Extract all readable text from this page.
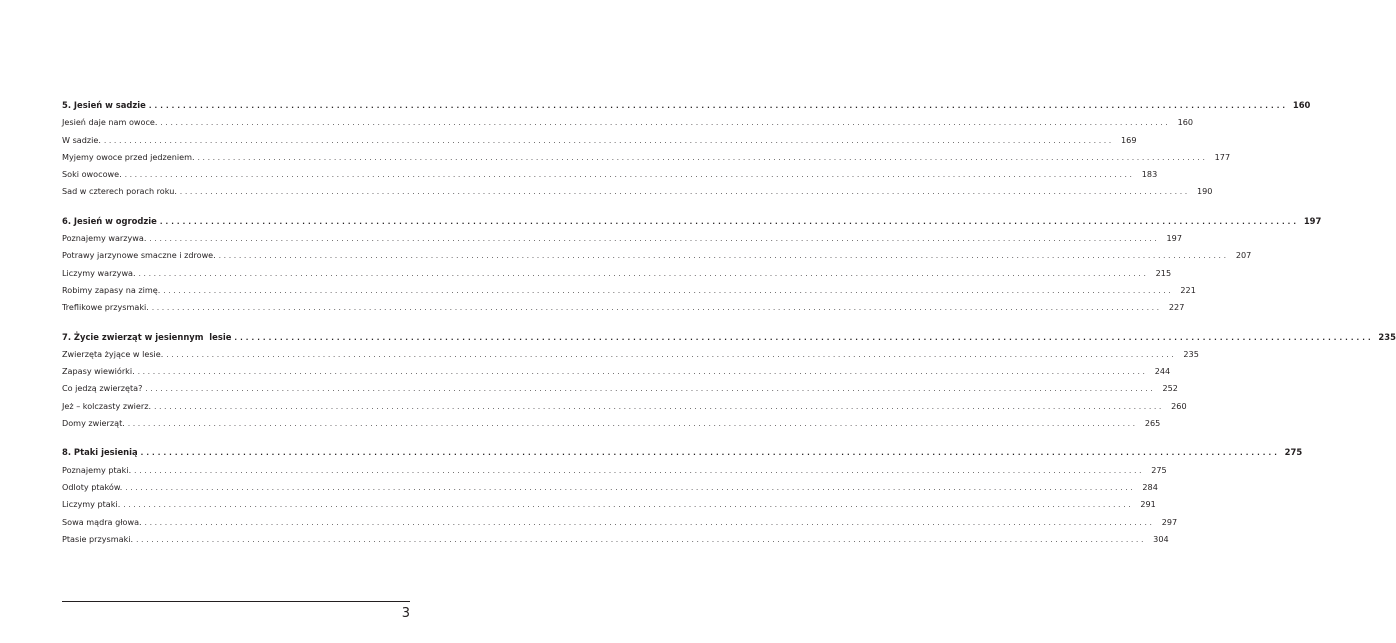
5. Jesień w sadzie . . . . . . . . . . . . . . . . . . . . . . . . . . . . . . . . . . . . . . . . . . . . . . . . . . . . . . . . . . . . . . . . . . . . . . . . . . . . . . . . . . . . . . . . . . . . . . . . . . . . . . . . . . . . . . . . . . . . . . . . . . . . . . . . . . . . . . . . . . . . . . . . . . . . . . . . . . . . . . . . . . . . . . . . . . . . . . . . . . . . . . . . . . . . . . . . . . . . . . . . 160
Jesień daje nam owoce. . . . . . . . . . . . . . . . . . . . . . . . . . . . . . . . . . . . . . . . . . . . . . . . . . . . . . . . . . . . . . . . . . . . . . . . . . . . . . . . . . . . . . . . . . . . . . . . . . . . . . . . . . . . . . . . . . . . . . . . . . . . . . . . . . . . . . . . . . . . . . . . . . . . . . . . . . . . . . . . . . . . . . . . . . . . . . . . . . . . . . . . . . . . . . . . . . . . . . . . .	160
W sadzie. . . . . . . . . . . . . . . . . . . . . . . . . . . . . . . . . . . . . . . . . . . . . . . . . . . . . . . . . . . . . . . . . . . . . . . . . . . . . . . . . . . . . . . . . . . . . . . . . . . . . . . . . . . . . . . . . . . . . . . . . . . . . . . . . . . . . . . . . . . . . . . . . . . . . . . . . . . . . . . . . . . . . . . . . . . . . . . . . . . . . . . . . . . . . . . . . . . . . . . . .	169
Myjemy owoce przed jedzeniem. . . . . . . . . . . . . . . . . . . . . . . . . . . . . . . . . . . . . . . . . . . . . . . . . . . . . . . . . . . . . . . . . . . . . . . . . . . . . . . . . . . . . . . . . . . . . . . . . . . . . . . . . . . . . . . . . . . . . . . . . . . . . . . . . . . . . . . . . . . . . . . . . . . . . . . . . . . . . . . . . . . . . . . . . . . . . . . . . . . . . . . . . . . . . . . . . . . . . . . . .	177
Soki owocowe. . . . . . . . . . . . . . . . . . . . . . . . . . . . . . . . . . . . . . . . . . . . . . . . . . . . . . . . . . . . . . . . . . . . . . . . . . . . . . . . . . . . . . . . . . . . . . . . . . . . . . . . . . . . . . . . . . . . . . . . . . . . . . . . . . . . . . . . . . . . . . . . . . . . . . . . . . . . . . . . . . . . . . . . . . . . . . . . . . . . . . . . . . . . . . . . . . . . . . . . .	183
Sad w czterech porach roku. . . . . . . . . . . . . . . . . . . . . . . . . . . . . . . . . . . . . . . . . . . . . . . . . . . . . . . . . . . . . . . . . . . . . . . . . . . . . . . . . . . . . . . . . . . . . . . . . . . . . . . . . . . . . . . . . . . . . . . . . . . . . . . . . . . . . . . . . . . . . . . . . . . . . . . . . . . . . . . . . . . . . . . . . . . . . . . . . . . . . . . . . . . . . . . . . . . . . . . . .	190
6. Jesień w ogrodzie . . . . . . . . . . . . . . . . . . . . . . . . . . . . . . . . . . . . . . . . . . . . . . . . . . . . . . . . . . . . . . . . . . . . . . . . . . . . . . . . . . . . . . . . . . . . . . . . . . . . . . . . . . . . . . . . . . . . . . . . . . . . . . . . . . . . . . . . . . . . . . . . . . . . . . . . . . . . . . . . . . . . . . . . . . . . . . . . . . . . . . . . . . . . . . . . . . . . . . . . 197
Poznajemy warzywa. . . . . . . . . . . . . . . . . . . . . . . . . . . . . . . . . . . . . . . . . . . . . . . . . . . . . . . . . . . . . . . . . . . . . . . . . . . . . . . . . . . . . . . . . . . . . . . . . . . . . . . . . . . . . . . . . . . . . . . . . . . . . . . . . . . . . . . . . . . . . . . . . . . . . . . . . . . . . . . . . . . . . . . . . . . . . . . . . . . . . . . . . . . . . . . . . . . . . . . . .	197
Potrawy jarzynowe smaczne i zdrowe. . . . . . . . . . . . . . . . . . . . . . . . . . . . . . . . . . . . . . . . . . . . . . . . . . . . . . . . . . . . . . . . . . . . . . . . . . . . . . . . . . . . . . . . . . . . . . . . . . . . . . . . . . . . . . . . . . . . . . . . . . . . . . . . . . . . . . . . . . . . . . . . . . . . . . . . . . . . . . . . . . . . . . . . . . . . . . . . . . . . . . . . . . . . . . . . . . . . . . . . .	207
Liczymy warzywa. . . . . . . . . . . . . . . . . . . . . . . . . . . . . . . . . . . . . . . . . . . . . . . . . . . . . . . . . . . . . . . . . . . . . . . . . . . . . . . . . . . . . . . . . . . . . . . . . . . . . . . . . . . . . . . . . . . . . . . . . . . . . . . . . . . . . . . . . . . . . . . . . . . . . . . . . . . . . . . . . . . . . . . . . . . . . . . . . . . . . . . . . . . . . . . . . . . . . . . . .	215
Robimy zapasy na zimę. . . . . . . . . . . . . . . . . . . . . . . . . . . . . . . . . . . . . . . . . . . . . . . . . . . . . . . . . . . . . . . . . . . . . . . . . . . . . . . . . . . . . . . . . . . . . . . . . . . . . . . . . . . . . . . . . . . . . . . . . . . . . . . . . . . . . . . . . . . . . . . . . . . . . . . . . . . . . . . . . . . . . . . . . . . . . . . . . . . . . . . . . . . . . . . . . . . . . . . . .	221
Treflikowe przysmaki. . . . . . . . . . . . . . . . . . . . . . . . . . . . . . . . . . . . . . . . . . . . . . . . . . . . . . . . . . . . . . . . . . . . . . . . . . . . . . . . . . . . . . . . . . . . . . . . . . . . . . . . . . . . . . . . . . . . . . . . . . . . . . . . . . . . . . . . . . . . . . . . . . . . . . . . . . . . . . . . . . . . . . . . . . . . . . . . . . . . . . . . . . . . . . . . . . . . . . . . .	227
7. Życie zwierząt w jesiennym  lesie . . . . . . . . . . . . . . . . . . . . . . . . . . . . . . . . . . . . . . . . . . . . . . . . . . . . . . . . . . . . . . . . . . . . . . . . . . . . . . . . . . . . . . . . . . . . . . . . . . . . . . . . . . . . . . . . . . . . . . . . . . . . . . . . . . . . . . . . . . . . . . . . . . . . . . . . . . . . . . . . . . . . . . . . . . . . . . . . . . . . . . . . . . . . . . . . . . . . . . . . 235
Zwierzęta żyjące w lesie. . . . . . . . . . . . . . . . . . . . . . . . . . . . . . . . . . . . . . . . . . . . . . . . . . . . . . . . . . . . . . . . . . . . . . . . . . . . . . . . . . . . . . . . . . . . . . . . . . . . . . . . . . . . . . . . . . . . . . . . . . . . . . . . . . . . . . . . . . . . . . . . . . . . . . . . . . . . . . . . . . . . . . . . . . . . . . . . . . . . . . . . . . . . . . . . . . . . . . . . .	235
Zapasy wiewiórki. . . . . . . . . . . . . . . . . . . . . . . . . . . . . . . . . . . . . . . . . . . . . . . . . . . . . . . . . . . . . . . . . . . . . . . . . . . . . . . . . . . . . . . . . . . . . . . . . . . . . . . . . . . . . . . . . . . . . . . . . . . . . . . . . . . . . . . . . . . . . . . . . . . . . . . . . . . . . . . . . . . . . . . . . . . . . . . . . . . . . . . . . . . . . . . . . . . . . . . . .	244
Co jedzą zwierzęta? . . . . . . . . . . . . . . . . . . . . . . . . . . . . . . . . . . . . . . . . . . . . . . . . . . . . . . . . . . . . . . . . . . . . . . . . . . . . . . . . . . . . . . . . . . . . . . . . . . . . . . . . . . . . . . . . . . . . . . . . . . . . . . . . . . . . . . . . . . . . . . . . . . . . . . . . . . . . . . . . . . . . . . . . . . . . . . . . . . . . . . . . . . . . . . . . . . . . . . . .	252
Jeż – kolczasty zwierz. . . . . . . . . . . . . . . . . . . . . . . . . . . . . . . . . . . . . . . . . . . . . . . . . . . . . . . . . . . . . . . . . . . . . . . . . . . . . . . . . . . . . . . . . . . . . . . . . . . . . . . . . . . . . . . . . . . . . . . . . . . . . . . . . . . . . . . . . . . . . . . . . . . . . . . . . . . . . . . . . . . . . . . . . . . . . . . . . . . . . . . . . . . . . . . . . . . . . . . . .	260
Domy zwierząt. . . . . . . . . . . . . . . . . . . . . . . . . . . . . . . . . . . . . . . . . . . . . . . . . . . . . . . . . . . . . . . . . . . . . . . . . . . . . . . . . . . . . . . . . . . . . . . . . . . . . . . . . . . . . . . . . . . . . . . . . . . . . . . . . . . . . . . . . . . . . . . . . . . . . . . . . . . . . . . . . . . . . . . . . . . . . . . . . . . . . . . . . . . . . . . . . . . . . . . . .	265
8. Ptaki jesienią . . . . . . . . . . . . . . . . . . . . . . . . . . . . . . . . . . . . . . . . . . . . . . . . . . . . . . . . . . . . . . . . . . . . . . . . . . . . . . . . . . . . . . . . . . . . . . . . . . . . . . . . . . . . . . . . . . . . . . . . . . . . . . . . . . . . . . . . . . . . . . . . . . . . . . . . . . . . . . . . . . . . . . . . . . . . . . . . . . . . . . . . . . . . . . . . . . . . . . . . 275
Poznajemy ptaki. . . . . . . . . . . . . . . . . . . . . . . . . . . . . . . . . . . . . . . . . . . . . . . . . . . . . . . . . . . . . . . . . . . . . . . . . . . . . . . . . . . . . . . . . . . . . . . . . . . . . . . . . . . . . . . . . . . . . . . . . . . . . . . . . . . . . . . . . . . . . . . . . . . . . . . . . . . . . . . . . . . . . . . . . . . . . . . . . . . . . . . . . . . . . . . . . . . . . . . . .	275
Odloty ptaków. . . . . . . . . . . . . . . . . . . . . . . . . . . . . . . . . . . . . . . . . . . . . . . . . . . . . . . . . . . . . . . . . . . . . . . . . . . . . . . . . . . . . . . . . . . . . . . . . . . . . . . . . . . . . . . . . . . . . . . . . . . . . . . . . . . . . . . . . . . . . . . . . . . . . . . . . . . . . . . . . . . . . . . . . . . . . . . . . . . . . . . . . . . . . . . . . . . . . . . . .	284
Liczymy ptaki. . . . . . . . . . . . . . . . . . . . . . . . . . . . . . . . . . . . . . . . . . . . . . . . . . . . . . . . . . . . . . . . . . . . . . . . . . . . . . . . . . . . . . . . . . . . . . . . . . . . . . . . . . . . . . . . . . . . . . . . . . . . . . . . . . . . . . . . . . . . . . . . . . . . . . . . . . . . . . . . . . . . . . . . . . . . . . . . . . . . . . . . . . . . . . . . . . . . . . . . .	291
Sowa mądra głowa. . . . . . . . . . . . . . . . . . . . . . . . . . . . . . . . . . . . . . . . . . . . . . . . . . . . . . . . . . . . . . . . . . . . . . . . . . . . . . . . . . . . . . . . . . . . . . . . . . . . . . . . . . . . . . . . . . . . . . . . . . . . . . . . . . . . . . . . . . . . . . . . . . . . . . . . . . . . . . . . . . . . . . . . . . . . . . . . . . . . . . . . . . . . . . . . . . . . . . . . .	297
Ptasie przysmaki. . . . . . . . . . . . . . . . . . . . . . . . . . . . . . . . . . . . . . . . . . . . . . . . . . . . . . . . . . . . . . . . . . . . . . . . . . . . . . . . . . . . . . . . . . . . . . . . . . . . . . . . . . . . . . . . . . . . . . . . . . . . . . . . . . . . . . . . . . . . . . . . . . . . . . . . . . . . . . . . . . . . . . . . . . . . . . . . . . . . . . . . . . . . . . . . . . . . . . . . .	304
3
